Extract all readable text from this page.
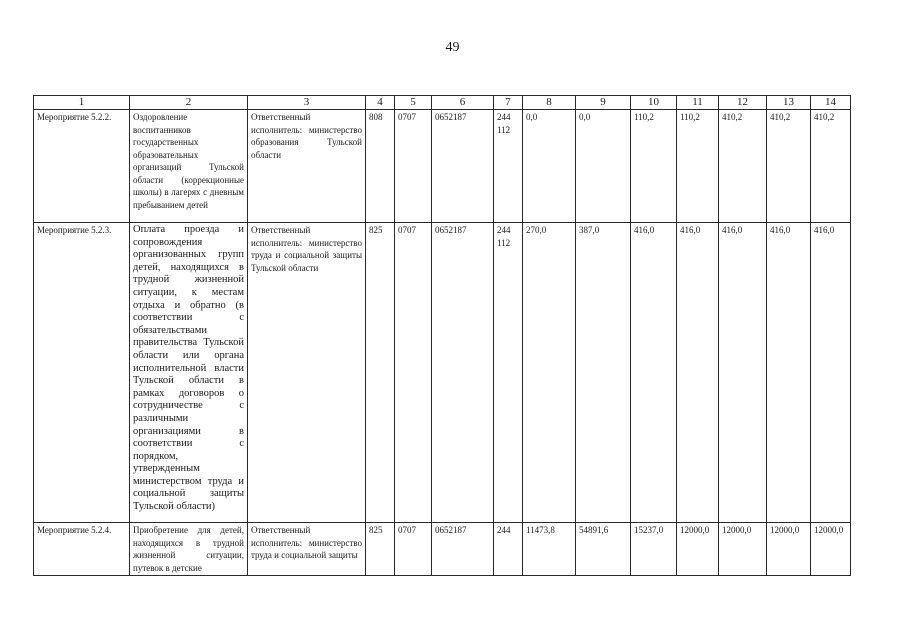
49
1	2	3	4	5	6	7	8	9	10	11	12	13	14
Мероприятие 5.2.2.	Оздоровление воспитанников государственных образовательных организаций Тульской области (коррекционные школы) в лагерях с дневным пребыванием детей	Ответственный исполнитель: министерство образования Тульской области	808	0707	0652187	244 112	0,0	0,0	110,2	110,2	410,2	410,2	410,2
Мероприятие 5.2.3.	Оплата проезда и сопровождения организованных групп детей, находящихся в трудной жизненной ситуации, к местам отдыха и обратно (в соответствии с обязательствами правительства Тульской области или органа исполнительной власти Тульской области в рамках договоров о сотрудничестве с различными организациями в соответствии с порядком, утвержденным министерством труда и социальной защиты Тульской области)	Ответственный исполнитель: министерство труда и социальной защиты Тульской области	825	0707	0652187	244 112	270,0	387,0	416,0	416,0	416,0	416,0	416,0
Мероприятие 5.2.4.	Приобретение для детей, находящихся в трудной жизненной ситуации, путевок в детские	Ответственный исполнитель: министерство труда и социальной защиты	825	0707	0652187	244	11473,8	54891,6	15237,0	12000,0	12000,0	12000,0	12000,0
